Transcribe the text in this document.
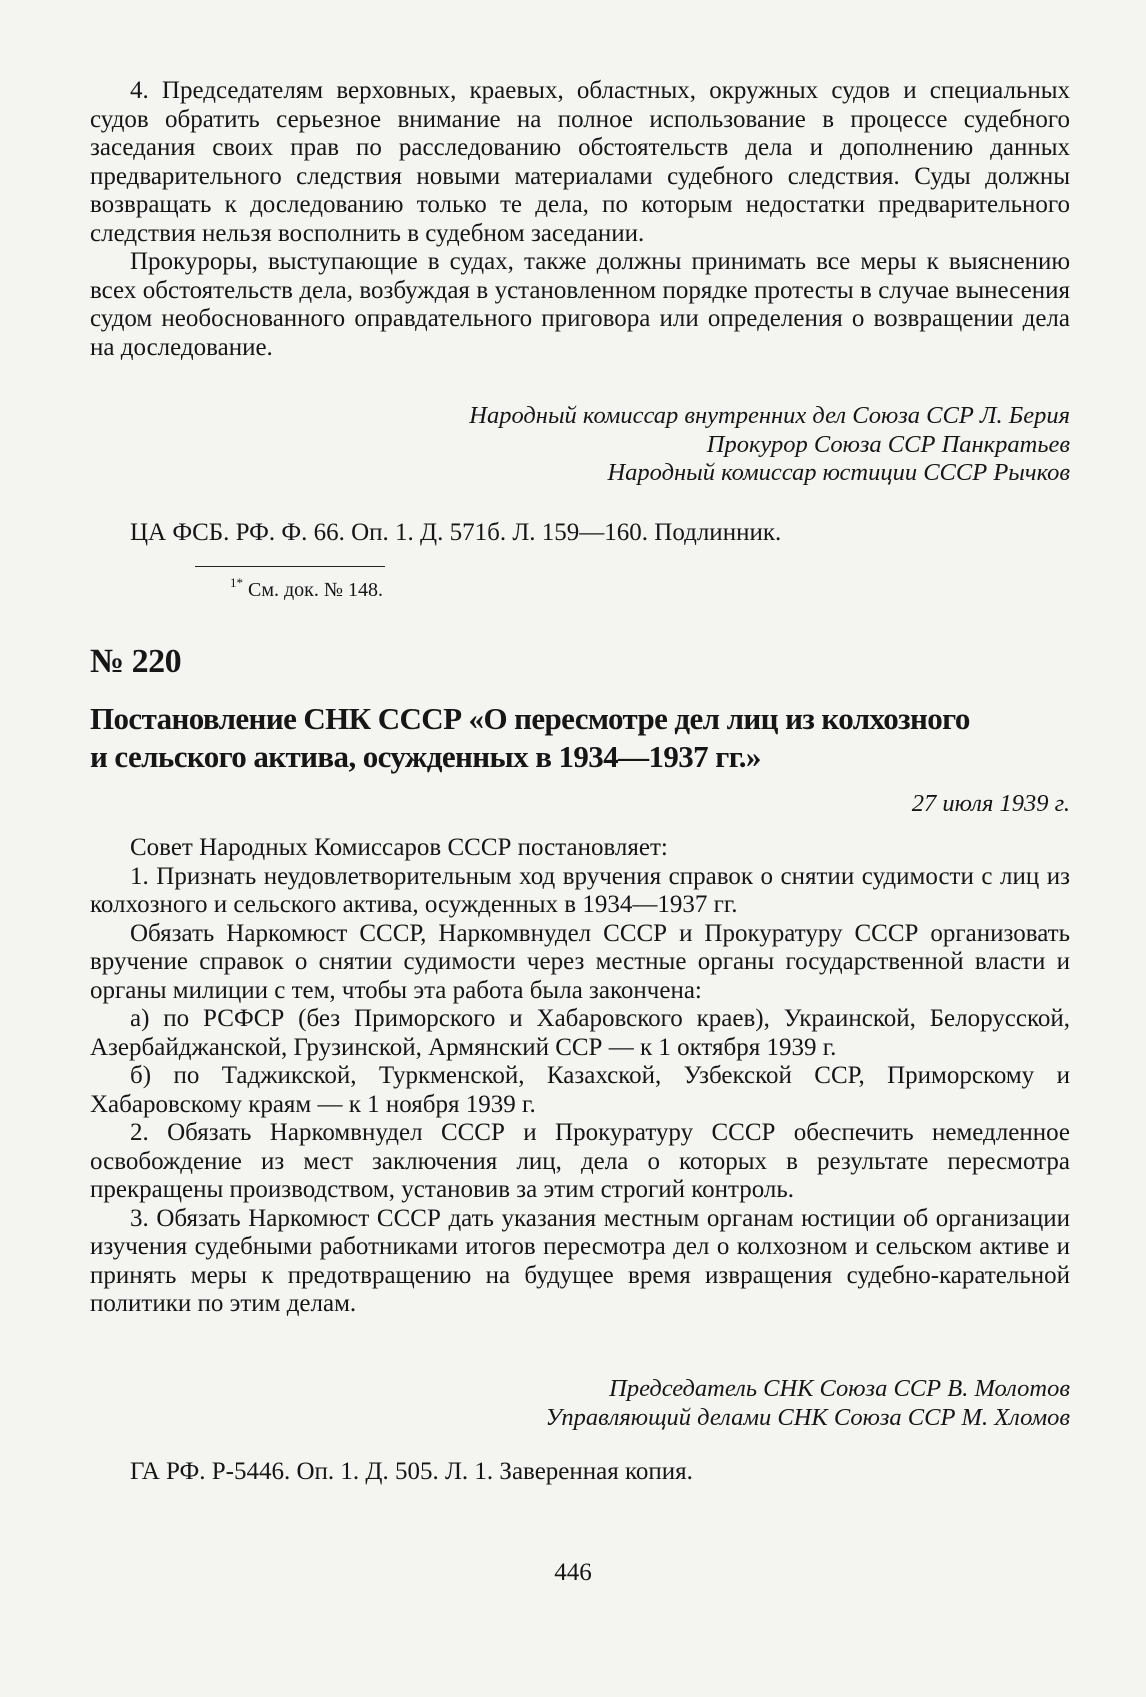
4. Председателям верховных, краевых, областных, окружных судов и специальных судов обратить серьезное внимание на полное использование в процессе судебного заседания своих прав по расследованию обстоятельств дела и дополнению данных предварительного следствия новыми материалами судебного следствия. Суды должны возвращать к доследованию только те дела, по которым недостатки предварительного следствия нельзя восполнить в судебном заседании.

Прокуроры, выступающие в судах, также должны принимать все меры к выяснению всех обстоятельств дела, возбуждая в установленном порядке протесты в случае вынесения судом необоснованного оправдательного приговора или определения о возвращении дела на доследование.

Народный комиссар внутренних дел Союза ССР Л. Берия

Прокурор Союза ССР Панкратьев

Народный комиссар юстиции СССР Рычков

ЦА ФСБ. РФ. Ф. 66. Оп. 1. Д. 571б. Л. 159—160. Подлинник.

$^{1*}$ См. док. № 148.

№ 220

Постановление СНК СССР «О пересмотре дел лиц из колхозного

и сельского актива, осужденных в 1934—1937 гг.»

27 июля 1939 г.

Совет Народных Комиссаров СССР постановляет:

1. Признать неудовлетворительным ход вручения справок о снятии судимости с лиц из колхозного и сельского актива, осужденных в 1934—1937 гг.

Обязать Наркомюст СССР, Наркомвнудел СССР и Прокуратуру СССР организовать вручение справок о снятии судимости через местные органы государственной власти и органы милиции с тем, чтобы эта работа была закончена:

а) по РСФСР (без Приморского и Хабаровского краев), Украинской, Белорусской, Азербайджанской, Грузинской, Армянский ССР — к 1 октября 1939 г.

б) по Таджикской, Туркменской, Казахской, Узбекской ССР, Приморскому и Хабаровскому краям — к 1 ноября 1939 г.

2. Обязать Наркомвнудел СССР и Прокуратуру СССР обеспечить немедленное освобождение из мест заключения лиц, дела о которых в результате пересмотра прекращены производством, установив за этим строгий контроль.

3. Обязать Наркомюст СССР дать указания местным органам юстиции об организации изучения судебными работниками итогов пересмотра дел о колхозном и сельском активе и принять меры к предотвращению на будущее время извращения судебно-карательной политики по этим делам.

Председатель СНК Союза ССР В. Молотов

Управляющий делами СНК Союза ССР М. Хломов

ГА РФ. Р-5446. Оп. 1. Д. 505. Л. 1. Заверенная копия.

446
